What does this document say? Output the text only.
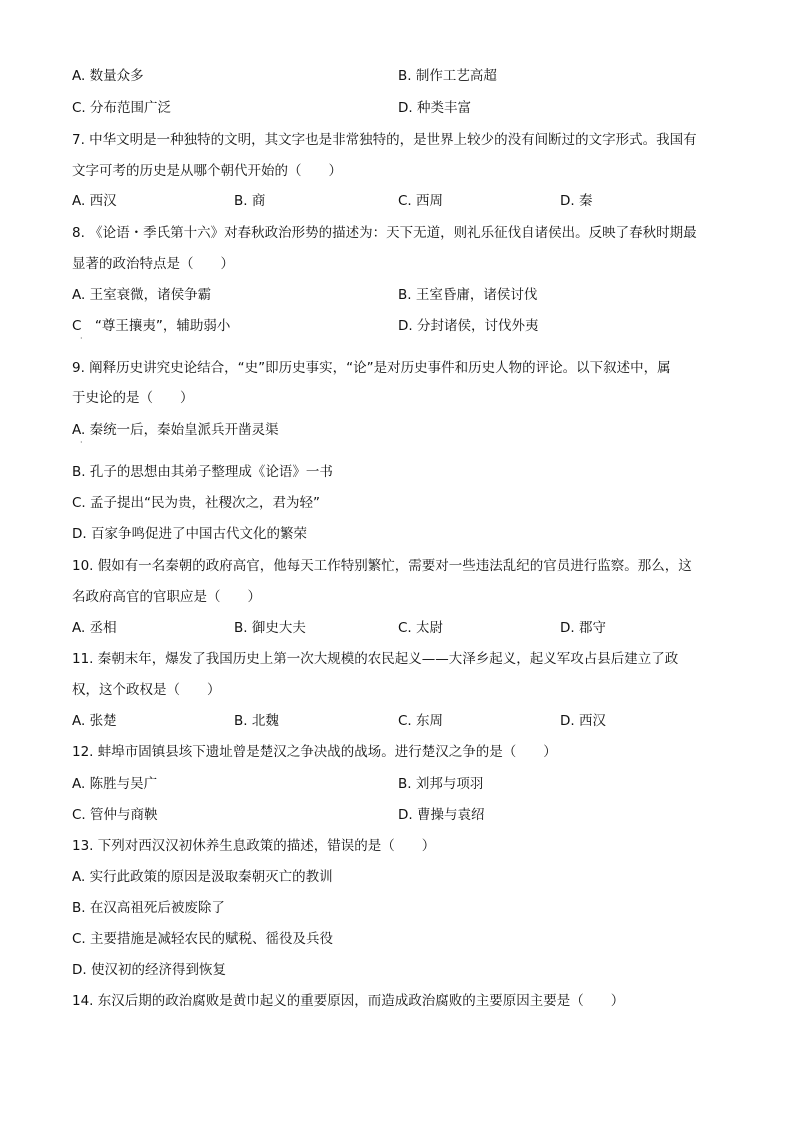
A. 数量众多	B. 制作工艺高超
C. 分布范围广泛	D. 种类丰富
7. 中华文明是一种独特的文明，其文字也是非常独特的，是世界上较少的没有间断过的文字形式。我国有
文字可考的历史是从哪个朝代开始的（　　）
A. 西汉	B. 商	C. 西周	D. 秦
8. 《论语・季氏第十六》对春秋政治形势的描述为：天下无道，则礼乐征伐自诸侯出。反映了春秋时期最
显著的政治特点是（　　）
A. 王室衰微，诸侯争霸	B. 王室昏庸，诸侯讨伐
C　“尊王攘夷”，辅助弱小	D. 分封诸侯，讨伐外夷
·
9. 阐释历史讲究史论结合，“史”即历史事实，“论”是对历史事件和历史人物的评论。以下叙述中，属
于史论的是（　　）
A. 秦统一后，秦始皇派兵开凿灵渠
·
B. 孔子的思想由其弟子整理成《论语》一书
C. 孟子提出“民为贵，社稷次之，君为轻”
D. 百家争鸣促进了中国古代文化的繁荣
10. 假如有一名秦朝的政府高官，他每天工作特别繁忙，需要对一些违法乱纪的官员进行监察。那么，这
名政府高官的官职应是（　　）
A. 丞相	B. 御史大夫	C. 太尉	D. 郡守
11. 秦朝末年，爆发了我国历史上第一次大规模的农民起义——大泽乡起义，起义军攻占县后建立了政
权，这个政权是（　　）
A. 张楚	B. 北魏	C. 东周	D. 西汉
12. 蚌埠市固镇县垓下遗址曾是楚汉之争决战的战场。进行楚汉之争的是（　　）
A. 陈胜与吴广	B. 刘邦与项羽
C. 管仲与商鞅	D. 曹操与袁绍
13. 下列对西汉汉初休养生息政策的描述，错误的是（　　）
A. 实行此政策的原因是汲取秦朝灭亡的教训
B. 在汉高祖死后被废除了
C. 主要措施是减轻农民的赋税、徭役及兵役
D. 使汉初的经济得到恢复
14. 东汉后期的政治腐败是黄巾起义的重要原因，而造成政治腐败的主要原因主要是（　　）
